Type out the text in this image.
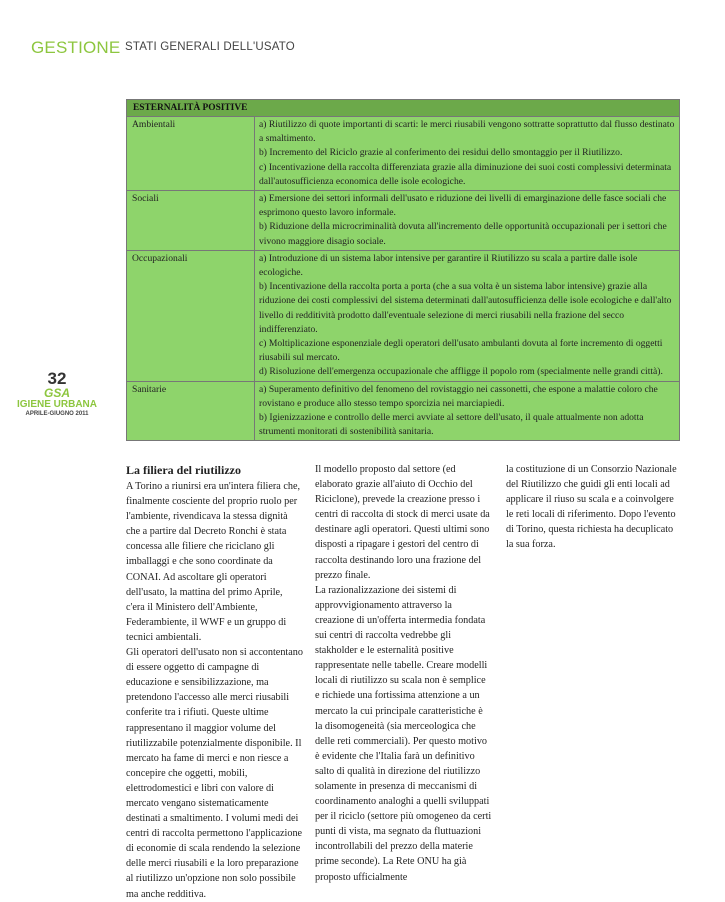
GESTIONE STATI GENERALI DELL'USATO
ESTERNALITÀ POSITIVE
Ambientali	a) Riutilizzo di quote importanti di scarti: le merci riusabili vengono sottratte soprattutto dal flusso destinato a smaltimento.

b) Incremento del Riciclo grazie al conferimento dei residui dello smontaggio per il Riutilizzo.

c) Incentivazione della raccolta differenziata grazie alla diminuzione dei suoi costi complessivi determinata dall'autosufficienza economica delle isole ecologiche.

Sociali	a) Emersione dei settori informali dell'usato e riduzione dei livelli di emarginazione delle fasce sociali che esprimono questo lavoro informale.

b) Riduzione della microcriminalità dovuta all'incremento delle opportunità occupazionali per i settori che vivono maggiore disagio sociale.

Occupazionali	a) Introduzione di un sistema labor intensive per garantire il Riutilizzo su scala a partire dalle isole ecologiche.

b) Incentivazione della raccolta porta a porta (che a sua volta è un sistema labor intensive) grazie alla riduzione dei costi complessivi del sistema determinati dall'autosufficienza delle isole ecologiche e dall'alto livello di redditività prodotto dall'eventuale selezione di merci riusabili nella frazione del secco indifferenziato.

c) Moltiplicazione esponenziale degli operatori dell'usato ambulanti dovuta al forte incremento di oggetti riusabili sul mercato.

d) Risoluzione dell'emergenza occupazionale che affligge il popolo rom (specialmente nelle grandi città).

Sanitarie	a) Superamento definitivo del fenomeno del rovistaggio nei cassonetti, che espone a malattie coloro che rovistano e produce allo stesso tempo sporcizia nei marciapiedi.

b) Igienizzazione e controllo delle merci avviate al settore dell'usato, il quale attualmente non adotta strumenti monitorati di sostenibilità sanitaria.

32
GSA
IGIENE URBANA
APRILE-GIUGNO 2011
La filiera del riutilizzo

A Torino a riunirsi era un'intera filiera che, finalmente cosciente del proprio ruolo per l'ambiente, rivendicava la stessa dignità che a partire dal Decreto Ronchi è stata concessa alle filiere che riciclano gli imballaggi e che sono coordinate da CONAI. Ad ascoltare gli operatori dell'usato, la mattina del primo Aprile, c'era il Ministero dell'Ambiente, Federambiente, il WWF e un gruppo di tecnici ambientali.

Gli operatori dell'usato non si accontentano di essere oggetto di campagne di educazione e sensibilizzazione, ma pretendono l'accesso alle merci riusabili conferite tra i rifiuti. Queste ultime rappresentano il maggior volume del riutilizzabile potenzialmente disponibile. Il mercato ha fame di merci e non riesce a concepire che oggetti, mobili, elettrodomestici e libri con valore di mercato vengano sistematicamente destinati a smaltimento. I volumi medi dei centri di raccolta permettono l'applicazione di economie di scala rendendo la selezione delle merci riusabili e la loro preparazione al riutilizzo un'opzione non solo possibile ma anche redditiva.

Il modello proposto dal settore (ed elaborato grazie all'aiuto di Occhio del Riciclone), prevede la creazione presso i centri di raccolta di stock di merci usate da destinare agli operatori. Questi ultimi sono disposti a ripagare i gestori del centro di raccolta destinando loro una frazione del prezzo finale.

La razionalizzazione dei sistemi di approvvigionamento attraverso la creazione di un'offerta intermedia fondata sui centri di raccolta vedrebbe gli stakholder e le esternalità positive rappresentate nelle tabelle. Creare modelli locali di riutilizzo su scala non è semplice e richiede una fortissima attenzione a un mercato la cui principale caratteristiche è la disomogeneità (sia merceologica che delle reti commerciali). Per questo motivo è evidente che l'Italia farà un definitivo salto di qualità in direzione del riutilizzo solamente in presenza di meccanismi di coordinamento analoghi a quelli sviluppati per il riciclo (settore più omogeneo da certi punti di vista, ma segnato da fluttuazioni incontrollabili del prezzo della materie prime seconde). La Rete ONU ha già proposto ufficialmente

la costituzione di un Consorzio Nazionale del Riutilizzo che guidi gli enti locali ad applicare il riuso su scala e a coinvolgere le reti locali di riferimento. Dopo l'evento di Torino, questa richiesta ha decuplicato la sua forza.
